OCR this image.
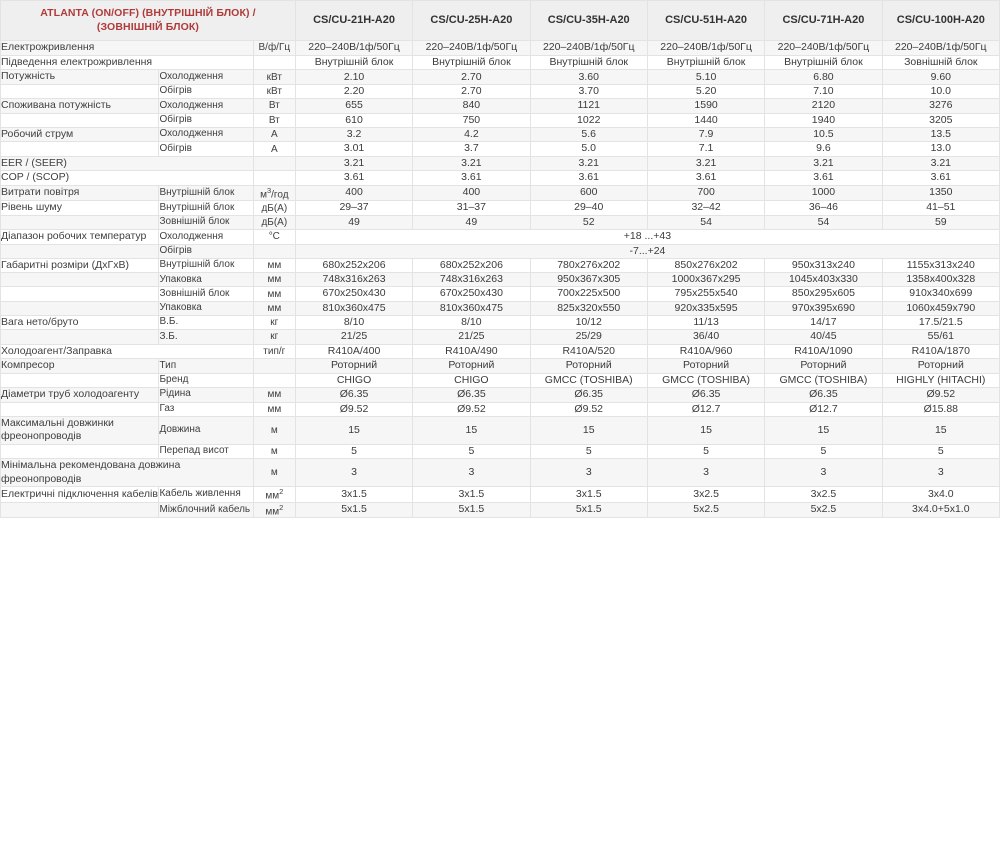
ATLANTA (ON/OFF) (ВНУТРІШНІЙ БЛОК) /
(ЗОВНІШНІЙ БЛОК)			CS/CU-21H-A20	CS/CU-25H-A20	CS/CU-35H-A20	CS/CU-51H-A20	CS/CU-71H-A20	CS/CU-100H-A20
Електрожривлення		В/ф/Гц	220–240В/1ф/50Гц	220–240В/1ф/50Гц	220–240В/1ф/50Гц	220–240В/1ф/50Гц	220–240В/1ф/50Гц	220–240В/1ф/50Гц
Підведення електрожривлення			Внутрішній блок	Внутрішній блок	Внутрішній блок	Внутрішній блок	Внутрішній блок	Зовнішній блок
Потужність	Охолодження	кВт	2.10	2.70	3.60	5.10	6.80	9.60
	Обігрів	кВт	2.20	2.70	3.70	5.20	7.10	10.0
Споживана потужність	Охолодження	Вт	655	840	1121	1590	2120	3276
	Обігрів	Вт	610	750	1022	1440	1940	3205
Робочий струм	Охолодження	А	3.2	4.2	5.6	7.9	10.5	13.5
	Обігрів	А	3.01	3.7	5.0	7.1	9.6	13.0
EER / (SEER)			3.21	3.21	3.21	3.21	3.21	3.21
COP / (SCOP)			3.61	3.61	3.61	3.61	3.61	3.61
Витрати повітря	Внутрішній блок	$м^3$/год	400	400	600	700	1000	1350
Рівень шуму	Внутрішній блок	дБ(А)	29–37	31–37	29–40	32–42	36–46	41–51
	Зовнішній блок	дБ(А)	49	49	52	54	54	59
Діапазон робочих температур	Охолодження	°C	+18 ...+43					
	Обігрів		-7...+24					
Габаритні розміри (ДхГхВ)	Внутрішній блок	мм	680x252x206	680x252x206	780x276x202	850x276x202	950x313x240	1155x313x240
	Упаковка	мм	748x316x263	748x316x263	950x367x305	1000x367x295	1045x403x330	1358x400x328
	Зовнішній блок	мм	670x250x430	670x250x430	700x225x500	795x255x540	850x295x605	910x340x699
	Упаковка	мм	810x360x475	810x360x475	825x320x550	920x335x595	970x395x690	1060x459x790
Вага нето/бруто	В.Б.	кг	8/10	8/10	10/12	11/13	14/17	17.5/21.5
	З.Б.	кг	21/25	21/25	25/29	36/40	40/45	55/61
Холодоагент/Заправка		тип/г	R410A/400	R410A/490	R410A/520	R410A/960	R410A/1090	R410A/1870
Компресор	Тип		Роторний	Роторний	Роторний	Роторний	Роторний	Роторний
	Бренд		CHIGO	CHIGO	GMCC (TOSHIBA)	GMCC (TOSHIBA)	GMCC (TOSHIBA)	HIGHLY (HITACHI)
Діаметри труб холодоагенту	Рідина	мм	Ø6.35	Ø6.35	Ø6.35	Ø6.35	Ø6.35	Ø9.52
	Газ	мм	Ø9.52	Ø9.52	Ø9.52	Ø12.7	Ø12.7	Ø15.88
Максимальні довжинки фреонопроводів	Довжина	м	15	15	15	15	15	15
	Перепад висот	м	5	5	5	5	5	5
Мінімальна рекомендована довжина фреонопроводів		м	3	3	3	3	3	3
Електричні підключення кабелів	Кабель живлення	$мм^2$	3x1.5	3x1.5	3x1.5	3x2.5	3x2.5	3x4.0
	Міжблочний кабель	$мм^2$	5x1.5	5x1.5	5x1.5	5x2.5	5x2.5	3x4.0+5x1.0
